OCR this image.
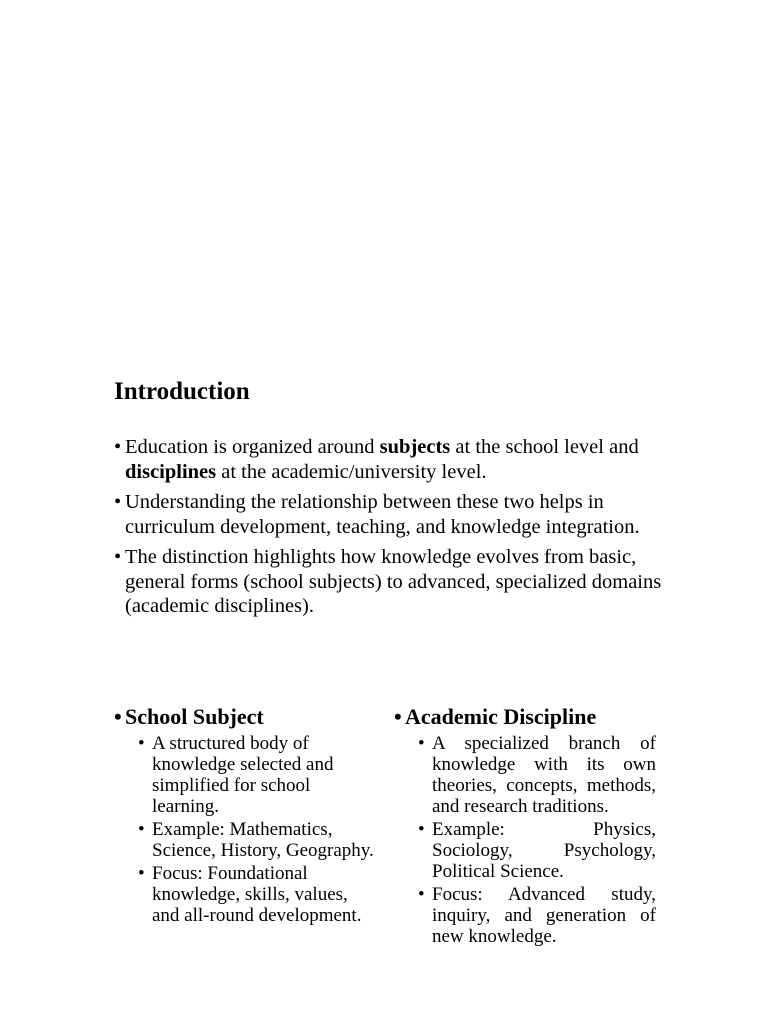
Introduction
• Education is organized around subjects at the school level and disciplines at the academic/university level.
• Understanding the relationship between these two helps in curriculum development, teaching, and knowledge integration.
• The distinction highlights how knowledge evolves from basic, general forms (school subjects) to advanced, specialized domains (academic disciplines).
• School Subject
• A structured body of knowledge selected and simplified for school learning.
• Example: Mathematics, Science, History, Geography.
• Focus: Foundational knowledge, skills, values, and all-round development.
• Academic Discipline
• A specialized branch of knowledge with its own theories, concepts, methods, and research traditions.
• Example: Physics, Sociology, Psychology, Political Science.
• Focus: Advanced study, inquiry, and generation of new knowledge.
